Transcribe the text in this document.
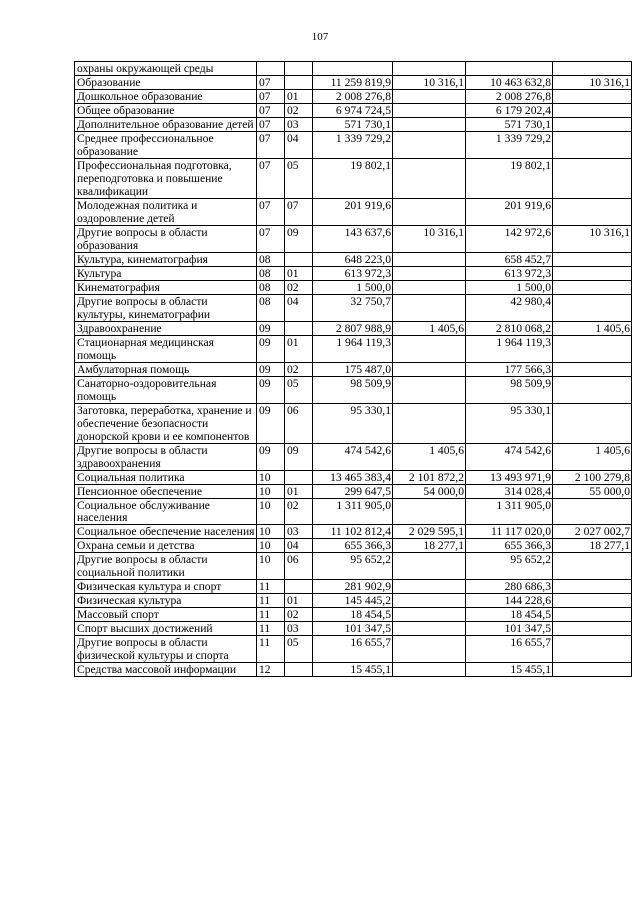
107
охраны окружающей среды						
Образование	07		11 259 819,9	10 316,1	10 463 632,8	10 316,1
Дошкольное образование	07	01	2 008 276,8		2 008 276,8	
Общее образование	07	02	6 974 724,5		6 179 202,4	
Дополнительное образование детей	07	03	571 730,1		571 730,1	
Среднее профессиональное образование	07	04	1 339 729,2		1 339 729,2	
Профессиональная подготовка, переподготовка и повышение квалификации	07	05	19 802,1		19 802,1	
Молодежная политика и оздоровление детей	07	07	201 919,6		201 919,6	
Другие вопросы в области образования	07	09	143 637,6	10 316,1	142 972,6	10 316,1
Культура, кинематография	08		648 223,0		658 452,7	
Культура	08	01	613 972,3		613 972,3	
Кинематография	08	02	1 500,0		1 500,0	
Другие вопросы в области культуры, кинематографии	08	04	32 750,7		42 980,4	
Здравоохранение	09		2 807 988,9	1 405,6	2 810 068,2	1 405,6
Стационарная медицинская помощь	09	01	1 964 119,3		1 964 119,3	
Амбулаторная помощь	09	02	175 487,0		177 566,3	
Санаторно-оздоровительная помощь	09	05	98 509,9		98 509,9	
Заготовка, переработка, хранение и обеспечение безопасности донорской крови и ее компонентов	09	06	95 330,1		95 330,1	
Другие вопросы в области здравоохранения	09	09	474 542,6	1 405,6	474 542,6	1 405,6
Социальная политика	10		13 465 383,4	2 101 872,2	13 493 971,9	2 100 279,8
Пенсионное обеспечение	10	01	299 647,5	54 000,0	314 028,4	55 000,0
Социальное обслуживание населения	10	02	1 311 905,0		1 311 905,0	
Социальное обеспечение населения	10	03	11 102 812,4	2 029 595,1	11 117 020,0	2 027 002,7
Охрана семьи и детства	10	04	655 366,3	18 277,1	655 366,3	18 277,1
Другие вопросы в области социальной политики	10	06	95 652,2		95 652,2	
Физическая культура и спорт	11		281 902,9		280 686,3	
Физическая культура	11	01	145 445,2		144 228,6	
Массовый спорт	11	02	18 454,5		18 454,5	
Спорт высших достижений	11	03	101 347,5		101 347,5	
Другие вопросы в области физической культуры и спорта	11	05	16 655,7		16 655,7	
Средства массовой информации	12		15 455,1		15 455,1	
